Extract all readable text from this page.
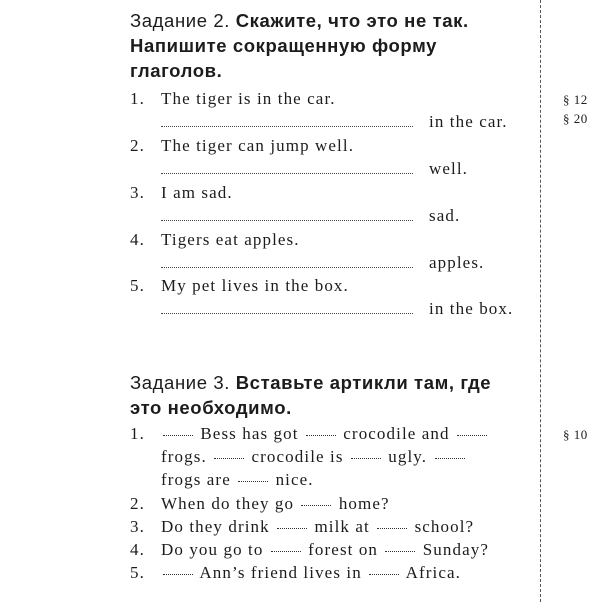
Задание 2. Скажите, что это не так.
Напишите сокращенную форму
глаголов.
1. The tiger is in the car.
in the car.
2. The tiger can jump well.
well.
3. I am sad.
sad.
4. Tigers eat apples.
apples.
5. My pet lives in the box.
in the box.
§ 12
§ 20
Задание 3. Вставьте артикли там, где
это необходимо.
1.	Bess has got	crocodile and
frogs.	crocodile is	ugly.
frogs are	nice.
2. When do they go	home?
3. Do they drink	milk at	school?
4. Do you go to	forest on	Sunday?
5.	Ann’s friend lives in	Africa.
§ 10
